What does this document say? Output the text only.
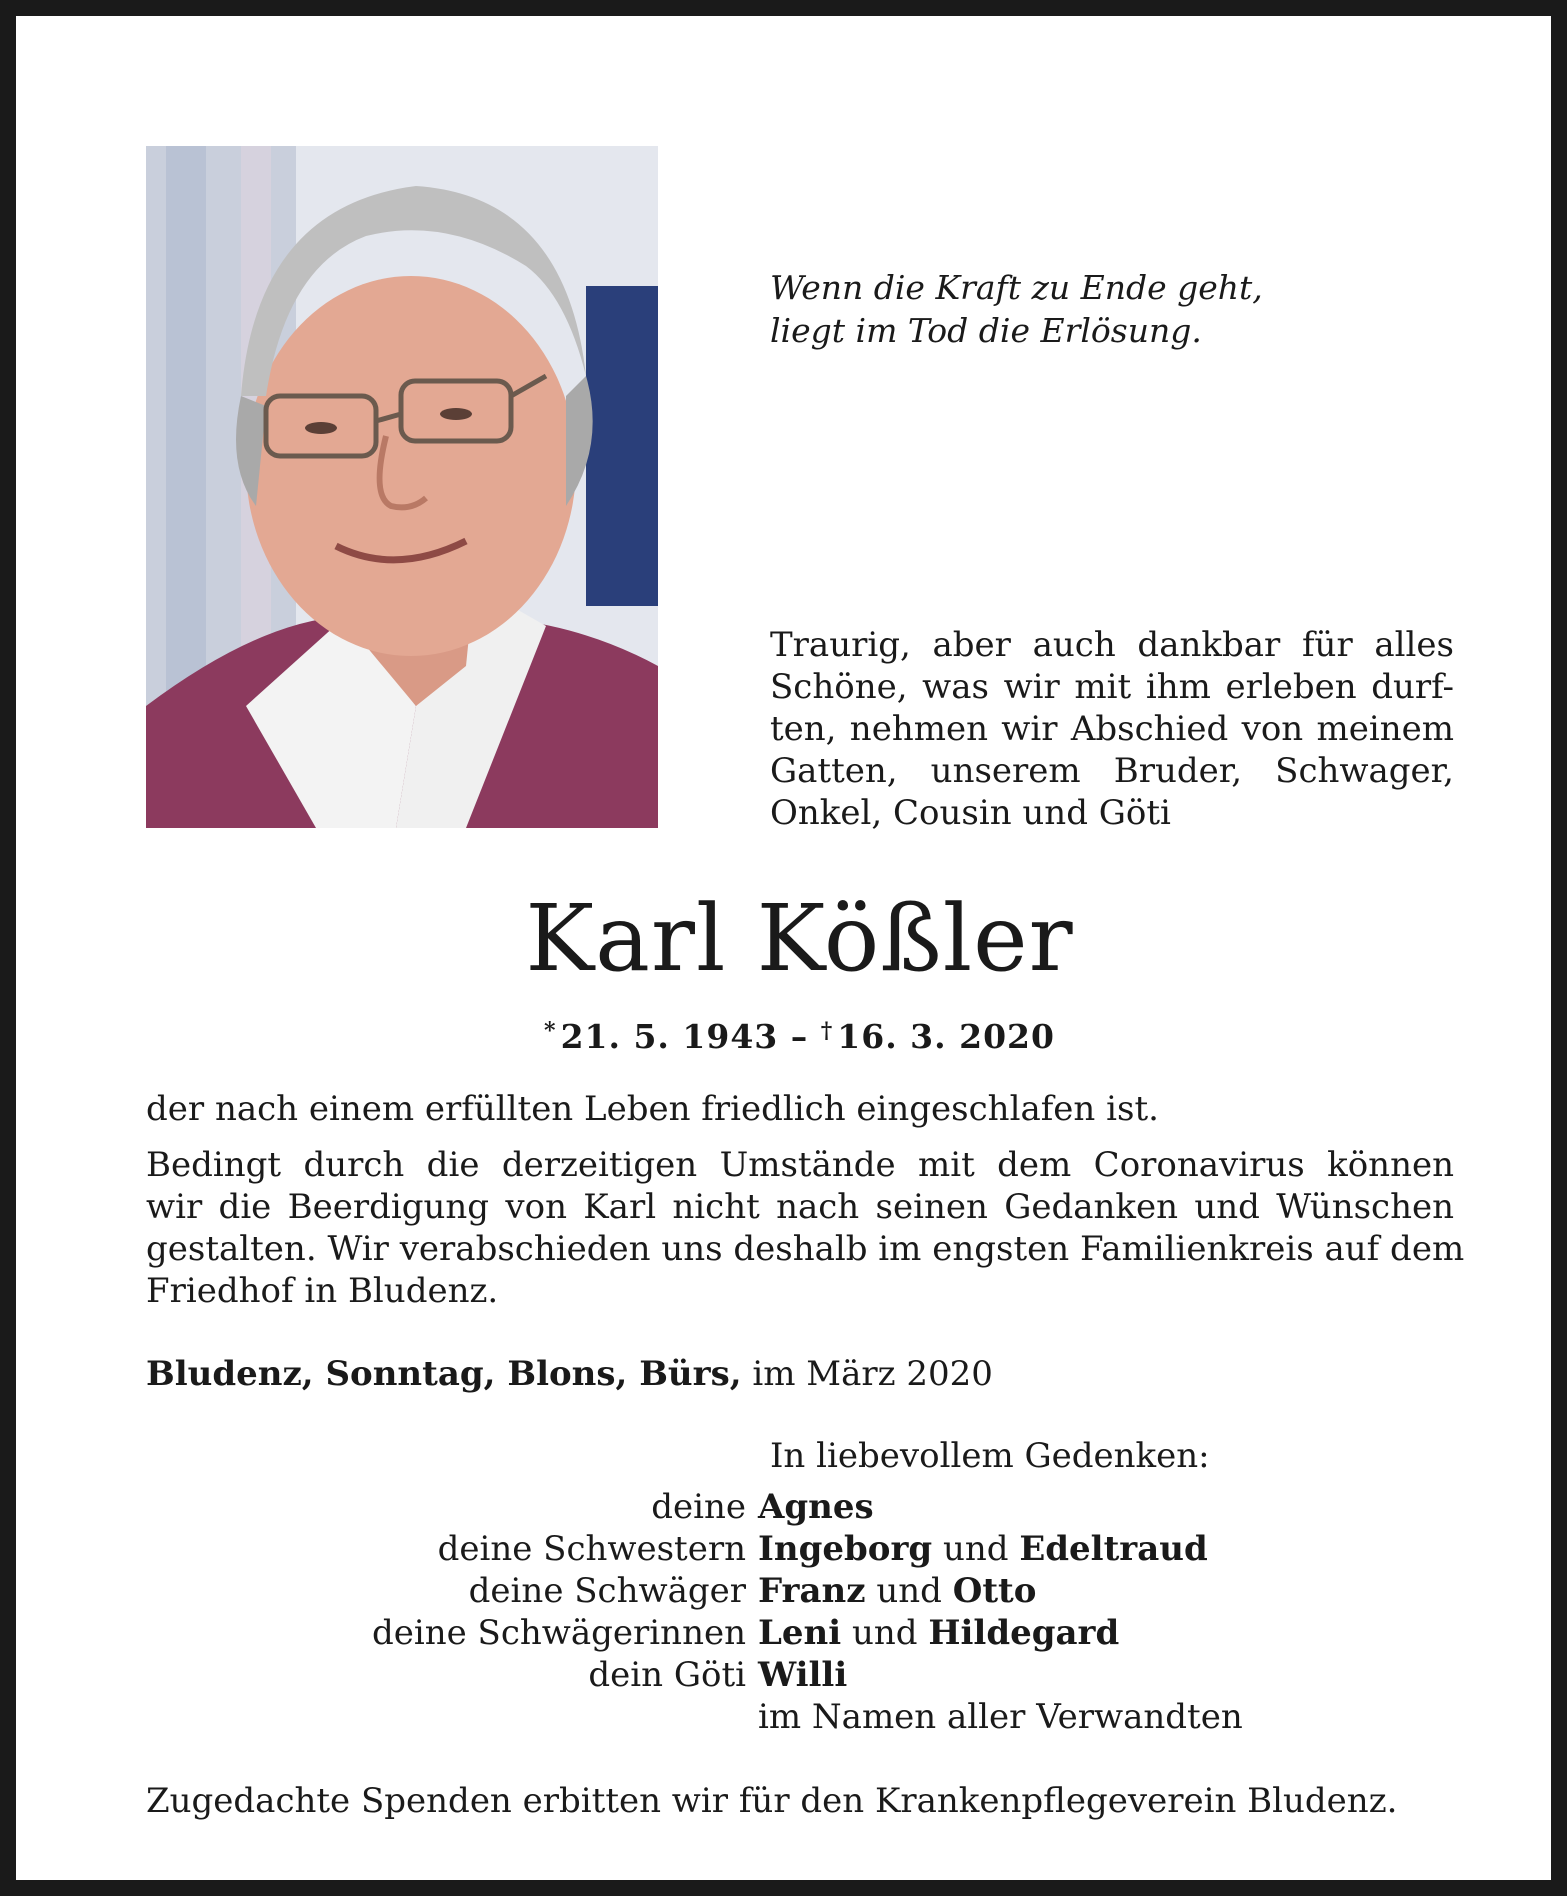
Wenn die Kraft zu Ende geht,
liegt im Tod die Erlösung.
Traurig, aber auch dankbar für alles
Schöne, was wir mit ihm erleben durf-
ten, nehmen wir Abschied von meinem
Gatten, unserem Bruder, Schwager,
Onkel, Cousin und Göti
Karl Kößler
* 21. 5. 1943 – † 16. 3. 2020
der nach einem erfüllten Leben friedlich eingeschlafen ist.
Bedingt durch die derzeitigen Umstände mit dem Coronavirus können
wir die Beerdigung von Karl nicht nach seinen Gedanken und Wünschen
gestalten. Wir verabschieden uns deshalb im engsten Familienkreis auf dem
Friedhof in Bludenz.
Bludenz, Sonntag, Blons, Bürs, im März 2020
In liebevollem Gedenken:
deine Agnes
deine Schwestern Ingeborg und Edeltraud
deine Schwäger Franz und Otto
deine Schwägerinnen Leni und Hildegard
dein Göti Willi
im Namen aller Verwandten
Zugedachte Spenden erbitten wir für den Krankenpflegeverein Bludenz.
